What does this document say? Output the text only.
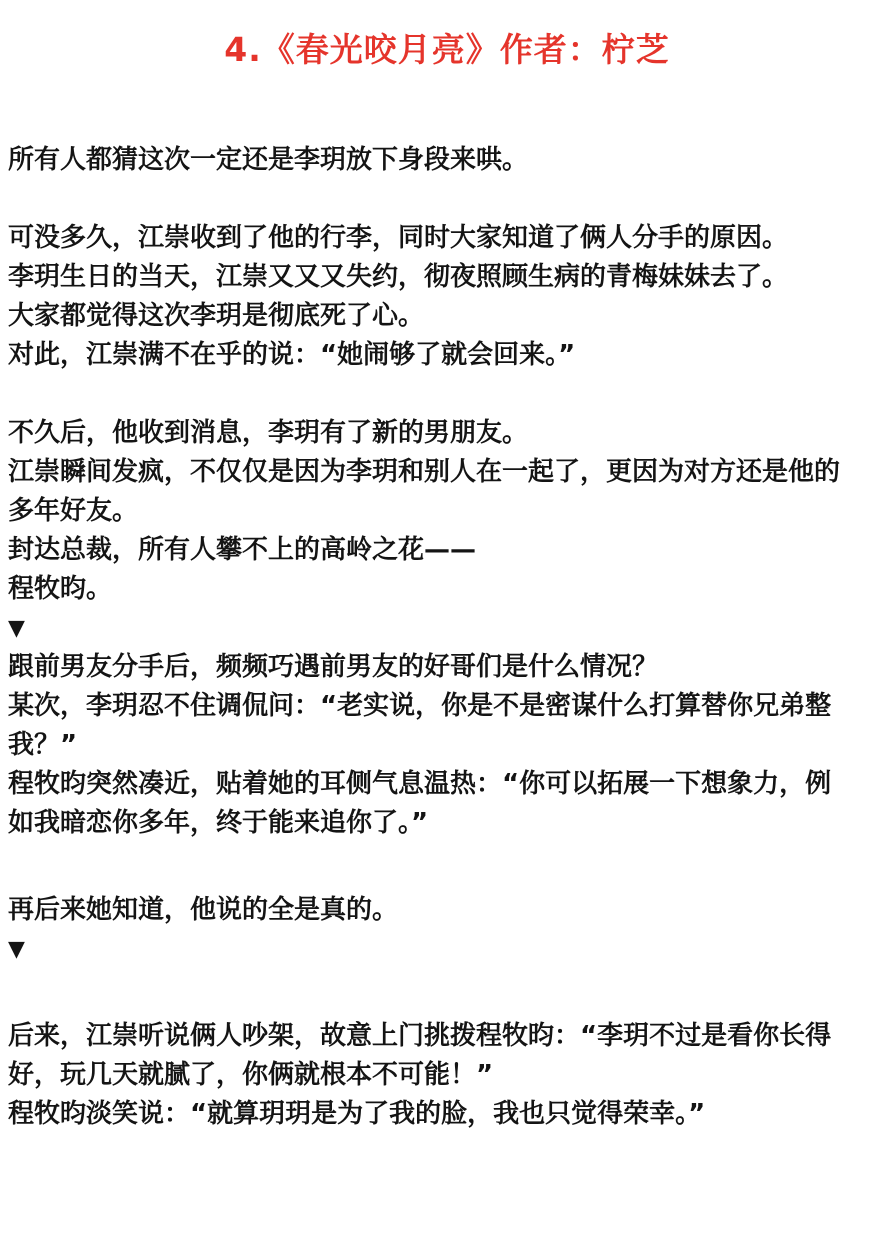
4.《春光咬月亮》作者：柠芝
所有人都猜这次一定还是李玥放下身段来哄。
可没多久，江崇收到了他的行李，同时大家知道了俩人分手的原因。
李玥生日的当天，江崇又又又失约，彻夜照顾生病的青梅妹妹去了。
大家都觉得这次李玥是彻底死了心。
对此，江崇满不在乎的说：“她闹够了就会回来。”
不久后，他收到消息，李玥有了新的男朋友。
江崇瞬间发疯，不仅仅是因为李玥和别人在一起了，更因为对方还是他的
多年好友。
封达总裁，所有人攀不上的高岭之花——
程牧昀。
▼
跟前男友分手后，频频巧遇前男友的好哥们是什么情况？
某次，李玥忍不住调侃问：“老实说，你是不是密谋什么打算替你兄弟整
我？”
程牧昀突然凑近，贴着她的耳侧气息温热：“你可以拓展一下想象力，例
如我暗恋你多年，终于能来追你了。”
再后来她知道，他说的全是真的。
▼
后来，江崇听说俩人吵架，故意上门挑拨程牧昀：“李玥不过是看你长得
好，玩几天就腻了，你俩就根本不可能！”
程牧昀淡笑说：“就算玥玥是为了我的脸，我也只觉得荣幸。”
